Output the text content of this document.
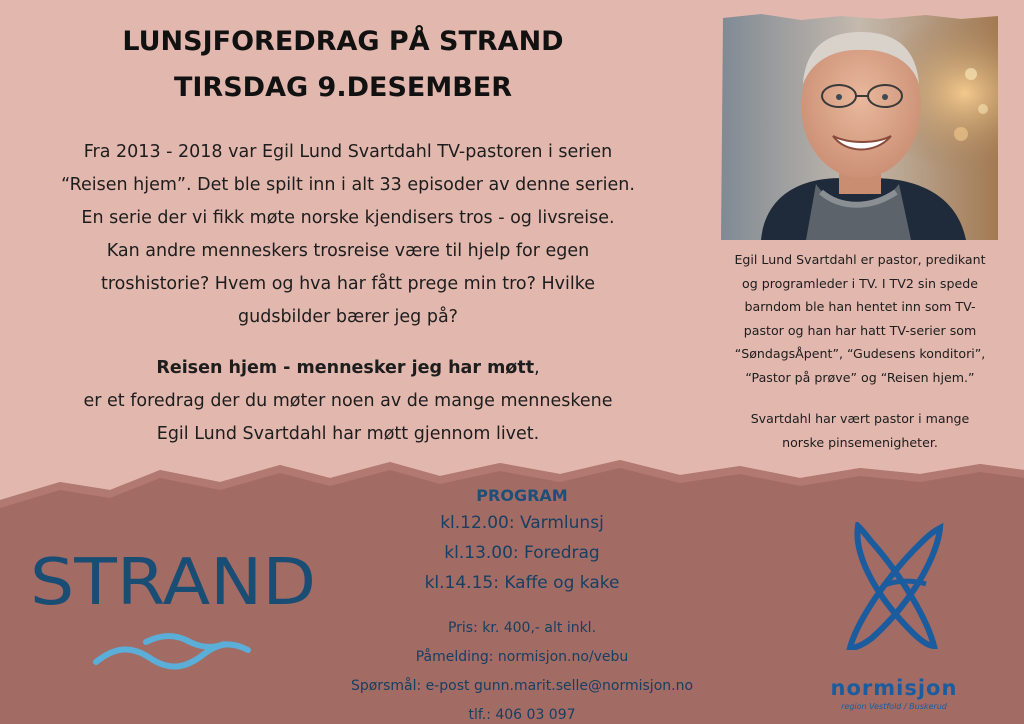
LUNSJFOREDRAG PÅ STRAND
TIRSDAG 9.DESEMBER
Fra 2013 - 2018 var Egil Lund Svartdahl TV-pastoren i serien
“Reisen hjem”. Det ble spilt inn i alt 33 episoder av denne serien.
En serie der vi fikk møte norske kjendisers tros - og livsreise.
Kan andre menneskers trosreise være til hjelp for egen
troshistorie? Hvem og hva har fått prege min tro? Hvilke
gudsbilder bærer jeg på?
Reisen hjem - mennesker jeg har møtt,
er et foredrag der du møter noen av de mange menneskene
Egil Lund Svartdahl har møtt gjennom livet.
Egil Lund Svartdahl er pastor, predikant
og programleder i TV. I TV2 sin spede
barndom ble han hentet inn som TV-
pastor og han har hatt TV-serier som
“SøndagsÅpent”, “Gudesens konditori”,
“Pastor på prøve” og “Reisen hjem.”
Svartdahl har vært pastor i mange
norske pinsemenigheter.
PROGRAM
kl.12.00: Varmlunsj
kl.13.00: Foredrag
kl.14.15: Kaffe og kake
Pris: kr. 400,- alt inkl.
Påmelding: normisjon.no/vebu
Spørsmål: e-post gunn.marit.selle@normisjon.no
tlf.: 406 03 097
STRAND
normisjon
region Vestfold / Buskerud
